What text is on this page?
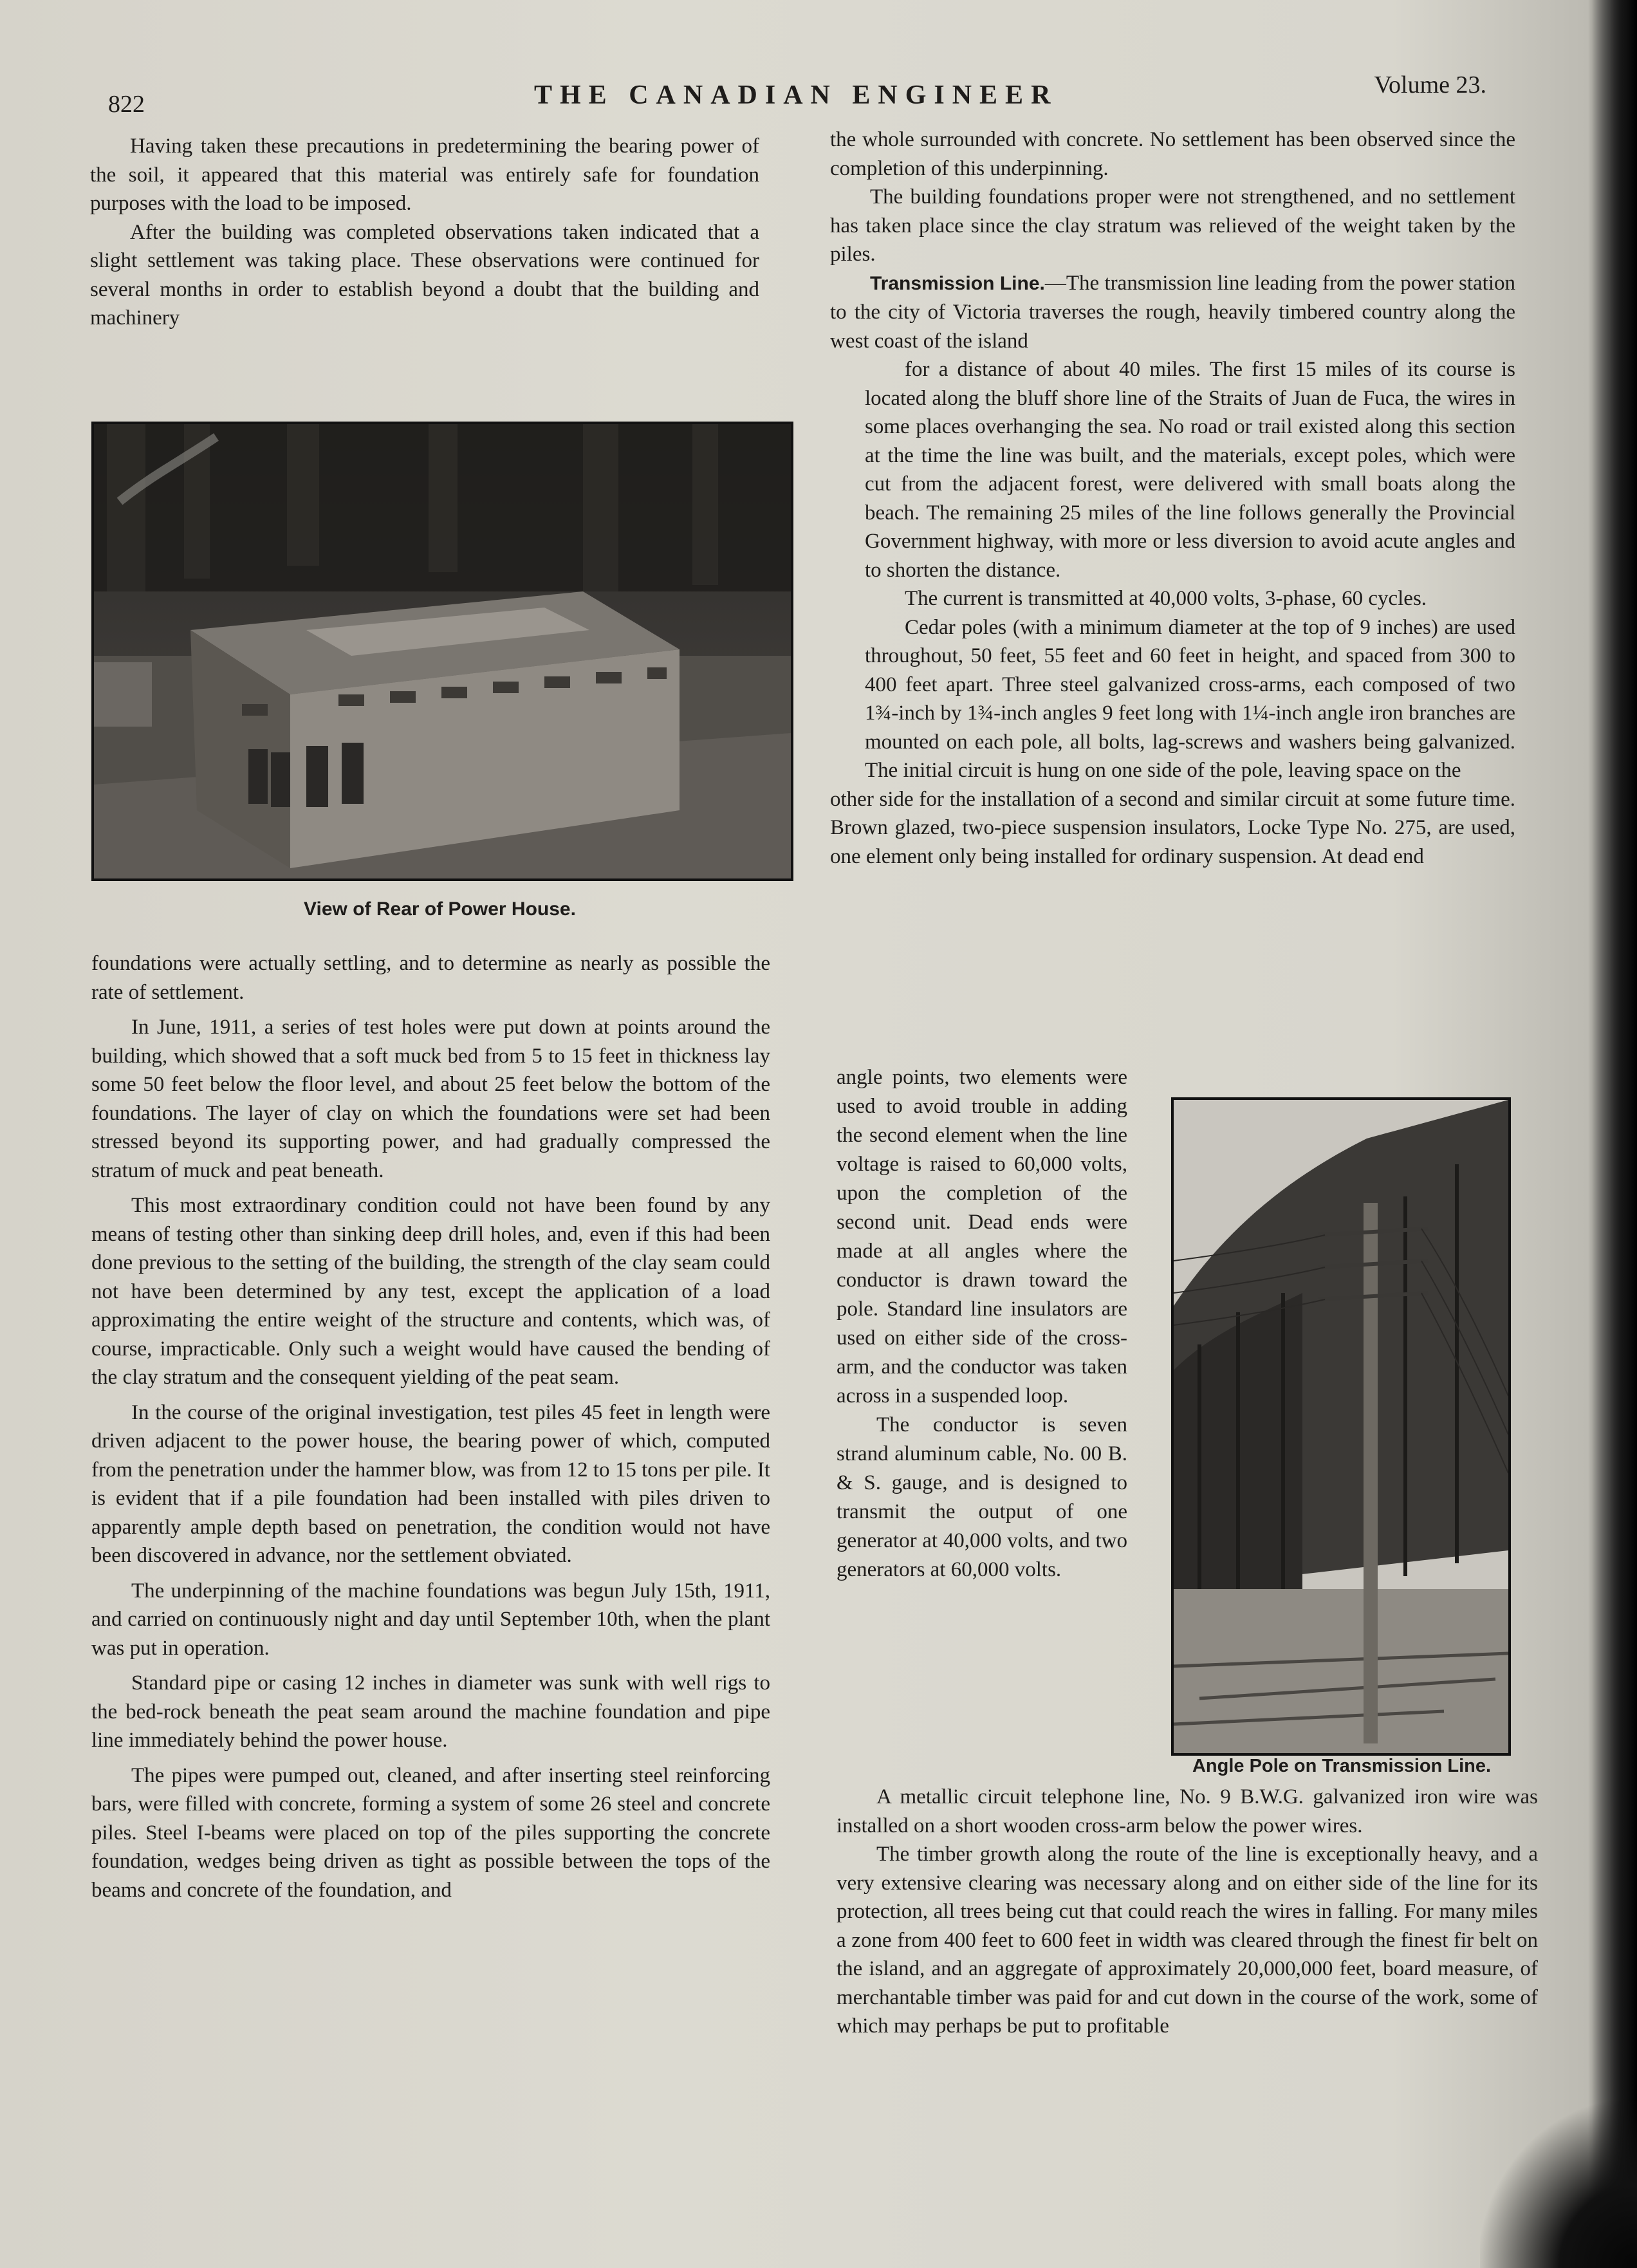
822	THE CANADIAN ENGINEER	Volume 23.

Having taken these precautions in predetermining the bearing power of the soil, it appeared that this material was entirely safe for foundation purposes with the load to be imposed.

After the building was completed observations taken indicated that a slight settlement was taking place. These observations were continued for several months in order to establish beyond a doubt that the building and machinery

View of Rear of Power House.

foundations were actually settling, and to determine as nearly as possible the rate of settlement.

In June, 1911, a series of test holes were put down at points around the building, which showed that a soft muck bed from 5 to 15 feet in thickness lay some 50 feet below the floor level, and about 25 feet below the bottom of the foundations. The layer of clay on which the foundations were set had been stressed beyond its supporting power, and had gradually compressed the stratum of muck and peat beneath.

This most extraordinary condition could not have been found by any means of testing other than sinking deep drill holes, and, even if this had been done previous to the setting of the building, the strength of the clay seam could not have been determined by any test, except the application of a load approximating the entire weight of the structure and contents, which was, of course, impracticable. Only such a weight would have caused the bending of the clay stratum and the consequent yielding of the peat seam.

In the course of the original investigation, test piles 45 feet in length were driven adjacent to the power house, the bearing power of which, computed from the penetration under the hammer blow, was from 12 to 15 tons per pile. It is evident that if a pile foundation had been installed with piles driven to apparently ample depth based on penetration, the condition would not have been discovered in advance, nor the settlement obviated.

The underpinning of the machine foundations was begun July 15th, 1911, and carried on continuously night and day until September 10th, when the plant was put in operation.

Standard pipe or casing 12 inches in diameter was sunk with well rigs to the bed-rock beneath the peat seam around the machine foundation and pipe line immediately behind the power house.

The pipes were pumped out, cleaned, and after inserting steel reinforcing bars, were filled with concrete, forming a system of some 26 steel and concrete piles. Steel I-beams were placed on top of the piles supporting the concrete foundation, wedges being driven as tight as possible between the tops of the beams and concrete of the foundation, and

the whole surrounded with concrete. No settlement has been observed since the completion of this underpinning.

The building foundations proper were not strengthened, and no settlement has taken place since the clay stratum was relieved of the weight taken by the piles.

Transmission Line.—The transmission line leading from the power station to the city of Victoria traverses the rough, heavily timbered country along the west coast of the island

for a distance of about 40 miles. The first 15 miles of its course is located along the bluff shore line of the Straits of Juan de Fuca, the wires in some places overhanging the sea. No road or trail existed along this section at the time the line was built, and the materials, except poles, which were cut from the adjacent forest, were delivered with small boats along the beach. The remaining 25 miles of the line follows generally the Provincial Government highway, with more or less diversion to avoid acute angles and to shorten the distance.

The current is transmitted at 40,000 volts, 3-phase, 60 cycles.

Cedar poles (with a minimum diameter at the top of 9 inches) are used throughout, 50 feet, 55 feet and 60 feet in height, and spaced from 300 to 400 feet apart. Three steel galvanized cross-arms, each composed of two 1¾-inch by 1¾-inch angles 9 feet long with 1¼-inch angle iron branches are mounted on each pole, all bolts, lag-screws and washers being galvanized. The initial circuit is hung on one side of the pole, leaving space on the

other side for the installation of a second and similar circuit at some future time. Brown glazed, two-piece suspension insulators, Locke Type No. 275, are used, one element only being installed for ordinary suspension. At dead end

angle points, two elements were used to avoid trouble in adding the second element when the line voltage is raised to 60,000 volts, upon the completion of the second unit. Dead ends were made at all angles where the conductor is drawn toward the pole. Standard line insulators are used on either side of the cross-arm, and the conductor was taken across in a suspended loop.

The conductor is seven strand aluminum cable, No. 00 B. & S. gauge, and is designed to transmit the output of one generator at 40,000 volts, and two generators at 60,000 volts.

Angle Pole on Transmission Line.

A metallic circuit telephone line, No. 9 B.W.G. galvanized iron wire was installed on a short wooden cross-arm below the power wires.

The timber growth along the route of the line is exceptionally heavy, and a very extensive clearing was necessary along and on either side of the line for its protection, all trees being cut that could reach the wires in falling. For many miles a zone from 400 feet to 600 feet in width was cleared through the finest fir belt on the island, and an aggregate of approximately 20,000,000 feet, board measure, of merchantable timber was paid for and cut down in the course of the work, some of which may perhaps be put to profitable
